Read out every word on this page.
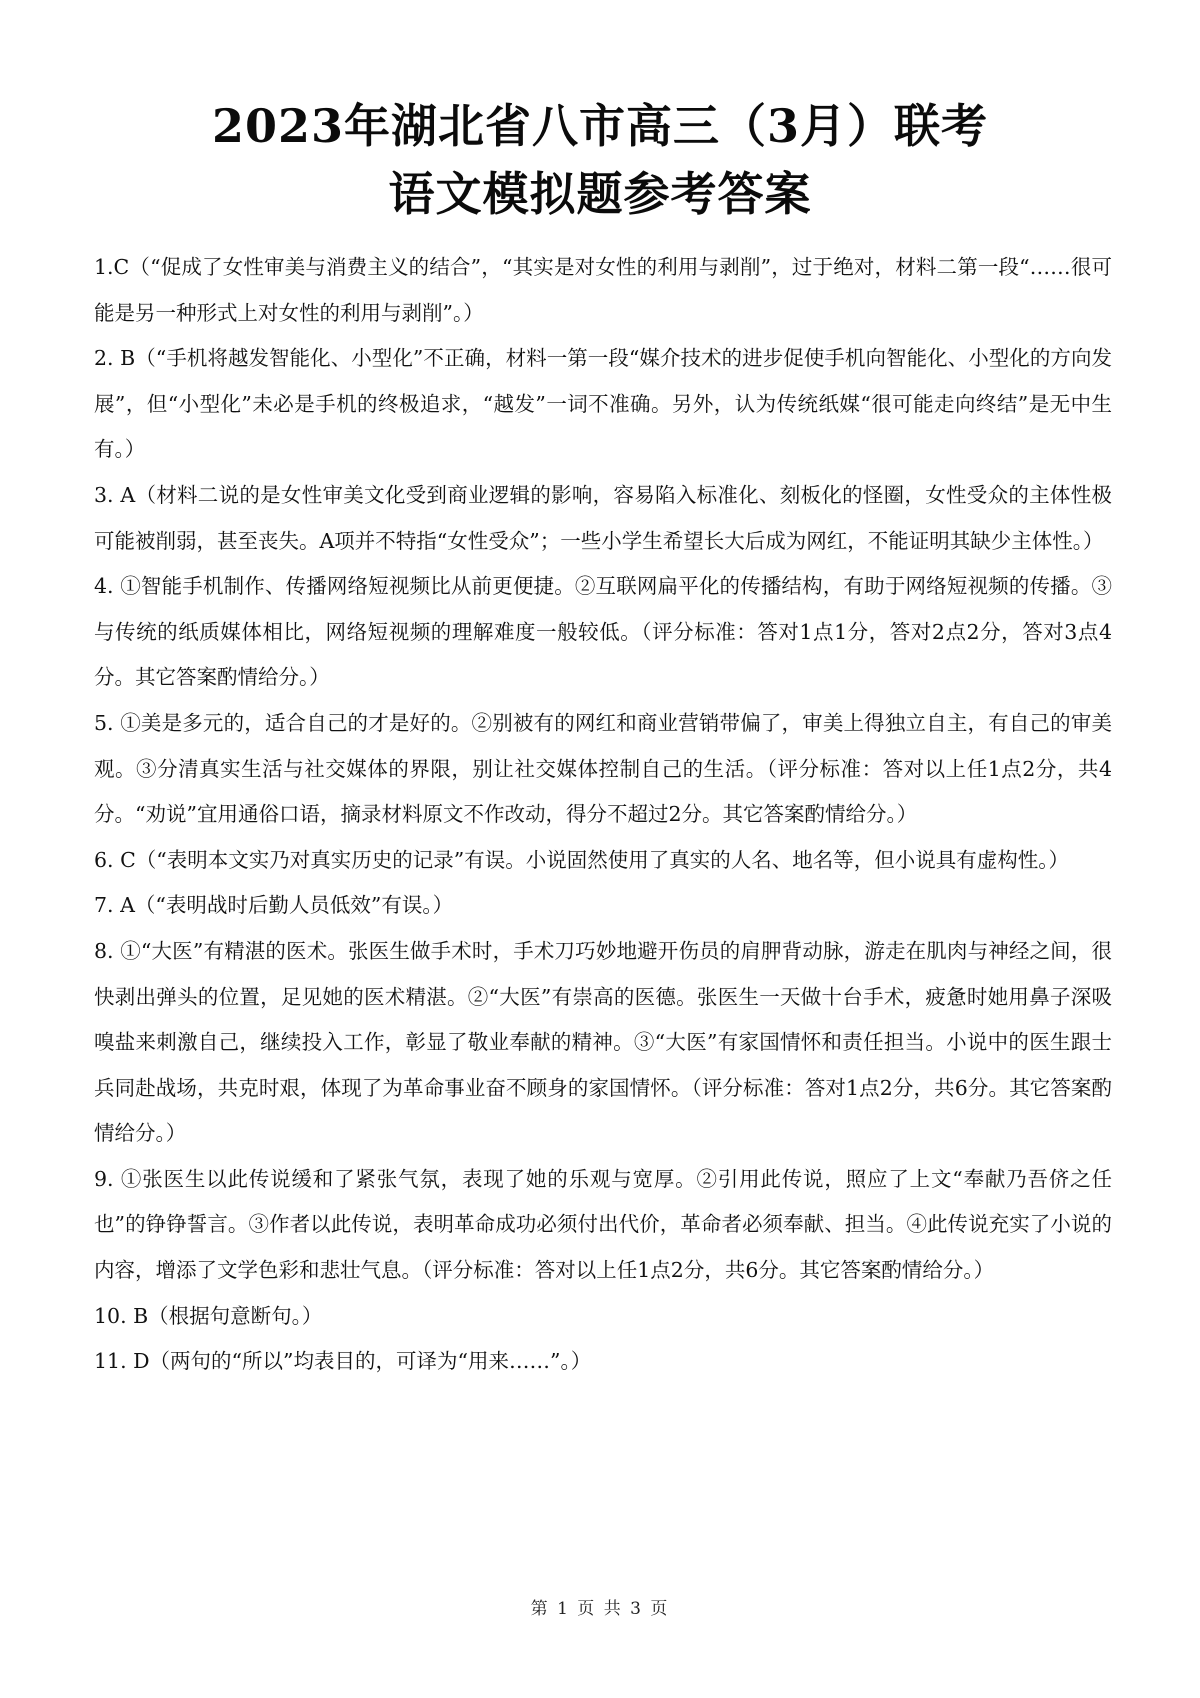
2023年湖北省八市高三（3月）联考

语文模拟题参考答案

1.C（“促成了女性审美与消费主义的结合”，“其实是对女性的利用与剥削”，过于绝对，材料二第一段“……很可能是另一种形式上对女性的利用与剥削”。）

2. B（“手机将越发智能化、小型化”不正确，材料一第一段“媒介技术的进步促使手机向智能化、小型化的方向发展”，但“小型化”未必是手机的终极追求，“越发”一词不准确。另外，认为传统纸媒“很可能走向终结”是无中生有。）

3. A（材料二说的是女性审美文化受到商业逻辑的影响，容易陷入标准化、刻板化的怪圈，女性受众的主体性极可能被削弱，甚至丧失。A项并不特指“女性受众”；一些小学生希望长大后成为网红，不能证明其缺少主体性。）

4. ①智能手机制作、传播网络短视频比从前更便捷。②互联网扁平化的传播结构，有助于网络短视频的传播。③与传统的纸质媒体相比，网络短视频的理解难度一般较低。（评分标准：答对1点1分，答对2点2分，答对3点4分。其它答案酌情给分。）

5. ①美是多元的，适合自己的才是好的。②别被有的网红和商业营销带偏了，审美上得独立自主，有自己的审美观。③分清真实生活与社交媒体的界限，别让社交媒体控制自己的生活。（评分标准：答对以上任1点2分，共4分。“劝说”宜用通俗口语，摘录材料原文不作改动，得分不超过2分。其它答案酌情给分。）

6. C（“表明本文实乃对真实历史的记录”有误。小说固然使用了真实的人名、地名等，但小说具有虚构性。）

7. A（“表明战时后勤人员低效”有误。）

8. ①“大医”有精湛的医术。张医生做手术时，手术刀巧妙地避开伤员的肩胛背动脉，游走在肌肉与神经之间，很快剥出弹头的位置，足见她的医术精湛。②“大医”有崇高的医德。张医生一天做十台手术，疲惫时她用鼻子深吸嗅盐来刺激自己，继续投入工作，彰显了敬业奉献的精神。③“大医”有家国情怀和责任担当。小说中的医生跟士兵同赴战场，共克时艰，体现了为革命事业奋不顾身的家国情怀。（评分标准：答对1点2分，共6分。其它答案酌情给分。）

9. ①张医生以此传说缓和了紧张气氛，表现了她的乐观与宽厚。②引用此传说，照应了上文“奉献乃吾侪之任也”的铮铮誓言。③作者以此传说，表明革命成功必须付出代价，革命者必须奉献、担当。④此传说充实了小说的内容，增添了文学色彩和悲壮气息。（评分标准：答对以上任1点2分，共6分。其它答案酌情给分。）

10. B（根据句意断句。）

11. D（两句的“所以”均表目的，可译为“用来……”。）

第 1 页 共 3 页
